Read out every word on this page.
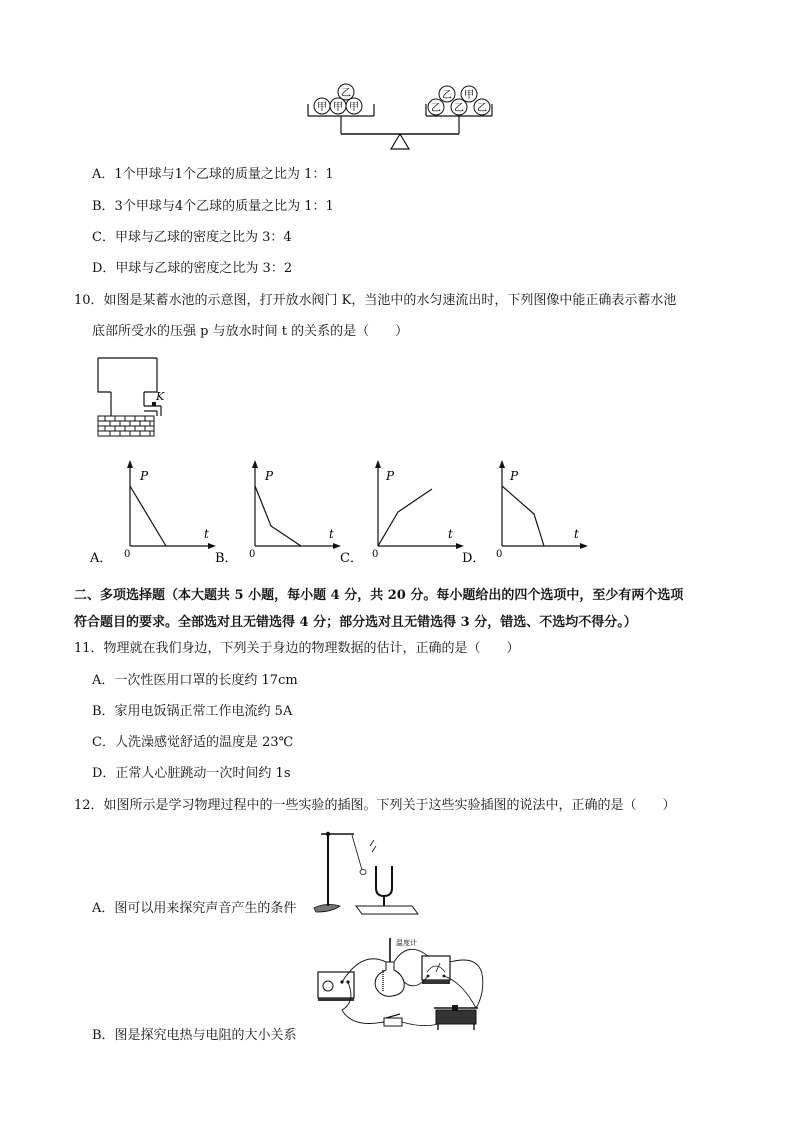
甲 甲 甲
乙
乙 乙 乙
乙 甲
A．1个甲球与1个乙球的质量之比为 1：1
B．3个甲球与4个乙球的质量之比为 1：1
C．甲球与乙球的密度之比为 3：4
D．甲球与乙球的密度之比为 3：2
10．如图是某蓄水池的示意图，打开放水阀门 K，当池中的水匀速流出时，下列图像中能正确表示蓄水池
底部所受水的压强 p 与放水时间 t 的关系的是（　　）
K
A．
P
t
0	B．
P
t
0	C．
P
t
0	D．
P
t
0
二、多项选择题（本大题共 5 小题，每小题 4 分，共 20 分。每小题给出的四个选项中，至少有两个选项
符合题目的要求。全部选对且无错选得 4 分；部分选对且无错选得 3 分，错选、不选均不得分。）
11．物理就在我们身边，下列关于身边的物理数据的估计，正确的是（　　）
A．一次性医用口罩的长度约 17cm
B．家用电饭锅正常工作电流约 5A
C．人洗澡感觉舒适的温度是 23℃
D．正常人心脏跳动一次时间约 1s
12．如图所示是学习物理过程中的一些实验的插图。下列关于这些实验插图的说法中，正确的是（　　）
A．图可以用来探究声音产生的条件
温度计
B．图是探究电热与电阻的大小关系
